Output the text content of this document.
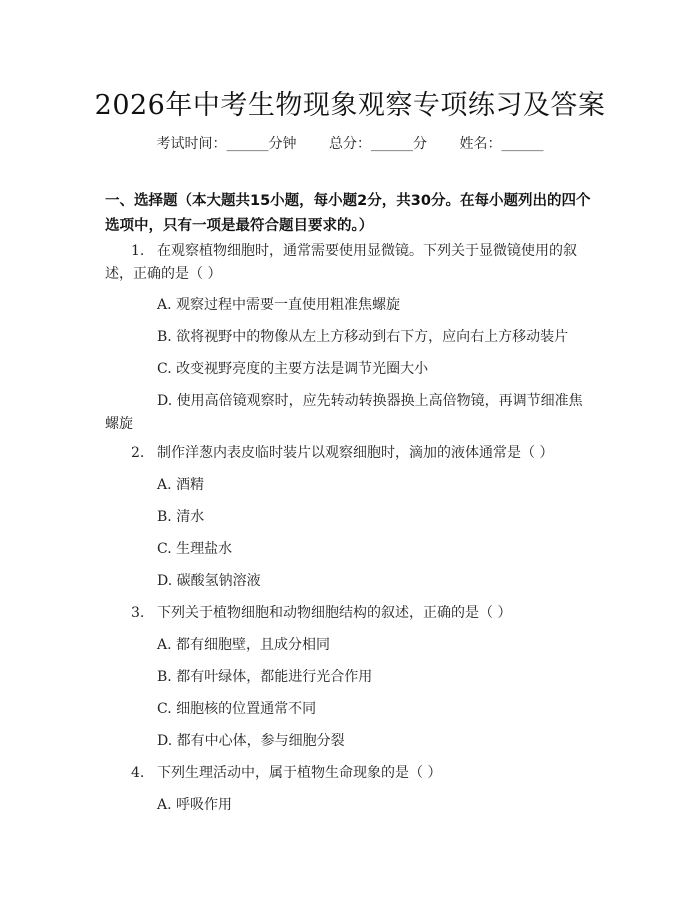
2026年中考生物现象观察专项练习及答案
考试时间：______分钟 总分：______分 姓名：______
一、选择题（本大题共15小题，每小题2分，共30分。在每小题列出的四个选项中，只有一项是最符合题目要求的。）
1. 在观察植物细胞时，通常需要使用显微镜。下列关于显微镜使用的叙述，正确的是（ ）
A. 观察过程中需要一直使用粗准焦螺旋
B. 欲将视野中的物像从左上方移动到右下方，应向右上方移动装片
C. 改变视野亮度的主要方法是调节光圈大小
D. 使用高倍镜观察时，应先转动转换器换上高倍物镜，再调节细准焦螺旋
2. 制作洋葱内表皮临时装片以观察细胞时，滴加的液体通常是（ ）
A. 酒精
B. 清水
C. 生理盐水
D. 碳酸氢钠溶液
3. 下列关于植物细胞和动物细胞结构的叙述，正确的是（ ）
A. 都有细胞壁，且成分相同
B. 都有叶绿体，都能进行光合作用
C. 细胞核的位置通常不同
D. 都有中心体，参与细胞分裂
4. 下列生理活动中，属于植物生命现象的是（ ）
A. 呼吸作用
